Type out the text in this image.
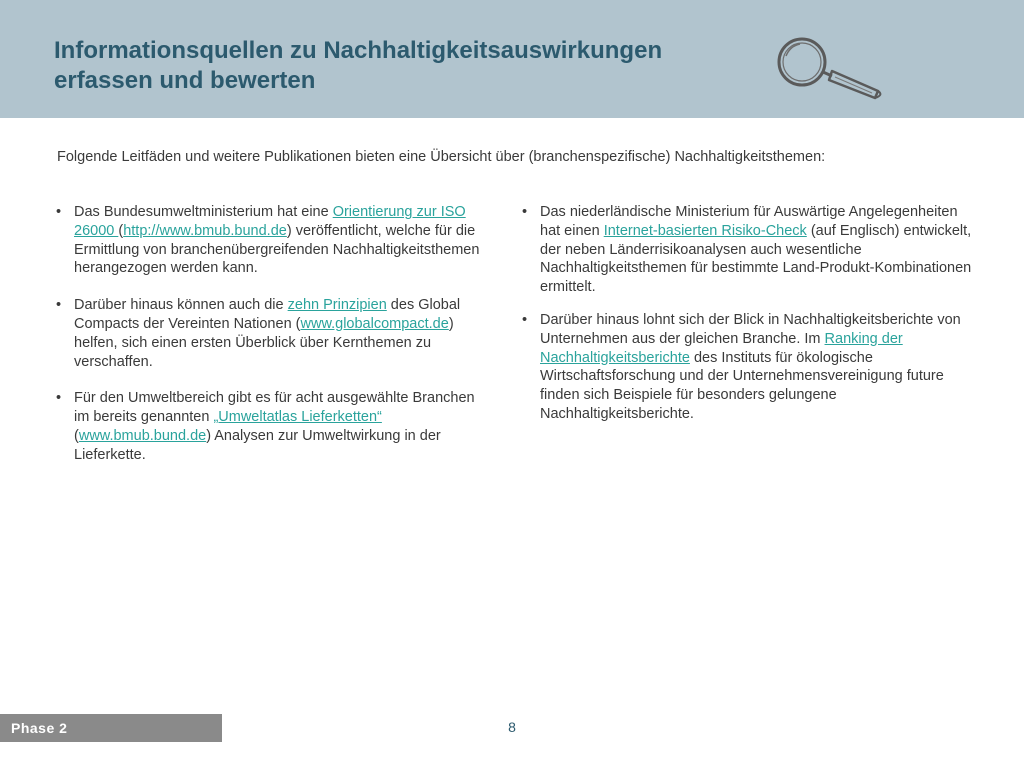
Informationsquellen zu Nachhaltigkeitsauswirkungen
erfassen und bewerten

Folgende Leitfäden und weitere Publikationen bieten eine Übersicht über (branchenspezifische) Nachhaltigkeitsthemen:

• Das Bundesumweltministerium hat eine Orientierung zur ISO 26000 (http://www.bmub.bund.de) veröffentlicht, welche für die Ermittlung von branchenübergreifenden Nachhaltigkeitsthemen herangezogen werden kann.
• Darüber hinaus können auch die zehn Prinzipien des Global Compacts der Vereinten Nationen (www.globalcompact.de) helfen, sich einen ersten Überblick über Kernthemen zu verschaffen.
• Für den Umweltbereich gibt es für acht ausgewählte Branchen im bereits genannten „Umweltatlas Lieferketten“ (www.bmub.bund.de) Analysen zur Umweltwirkung in der Lieferkette.
• Das niederländische Ministerium für Auswärtige Angelegenheiten hat einen Internet-basierten Risiko-Check (auf Englisch) entwickelt, der neben Länderrisikoanalysen auch wesentliche Nachhaltigkeitsthemen für bestimmte Land-Produkt-Kombinationen ermittelt.
• Darüber hinaus lohnt sich der Blick in Nachhaltigkeitsberichte von Unternehmen aus der gleichen Branche. Im Ranking der Nachhaltigkeitsberichte des Instituts für ökologische Wirtschaftsforschung und der Unternehmensvereinigung future finden sich Beispiele für besonders gelungene Nachhaltigkeitsberichte.
Phase 2	8
